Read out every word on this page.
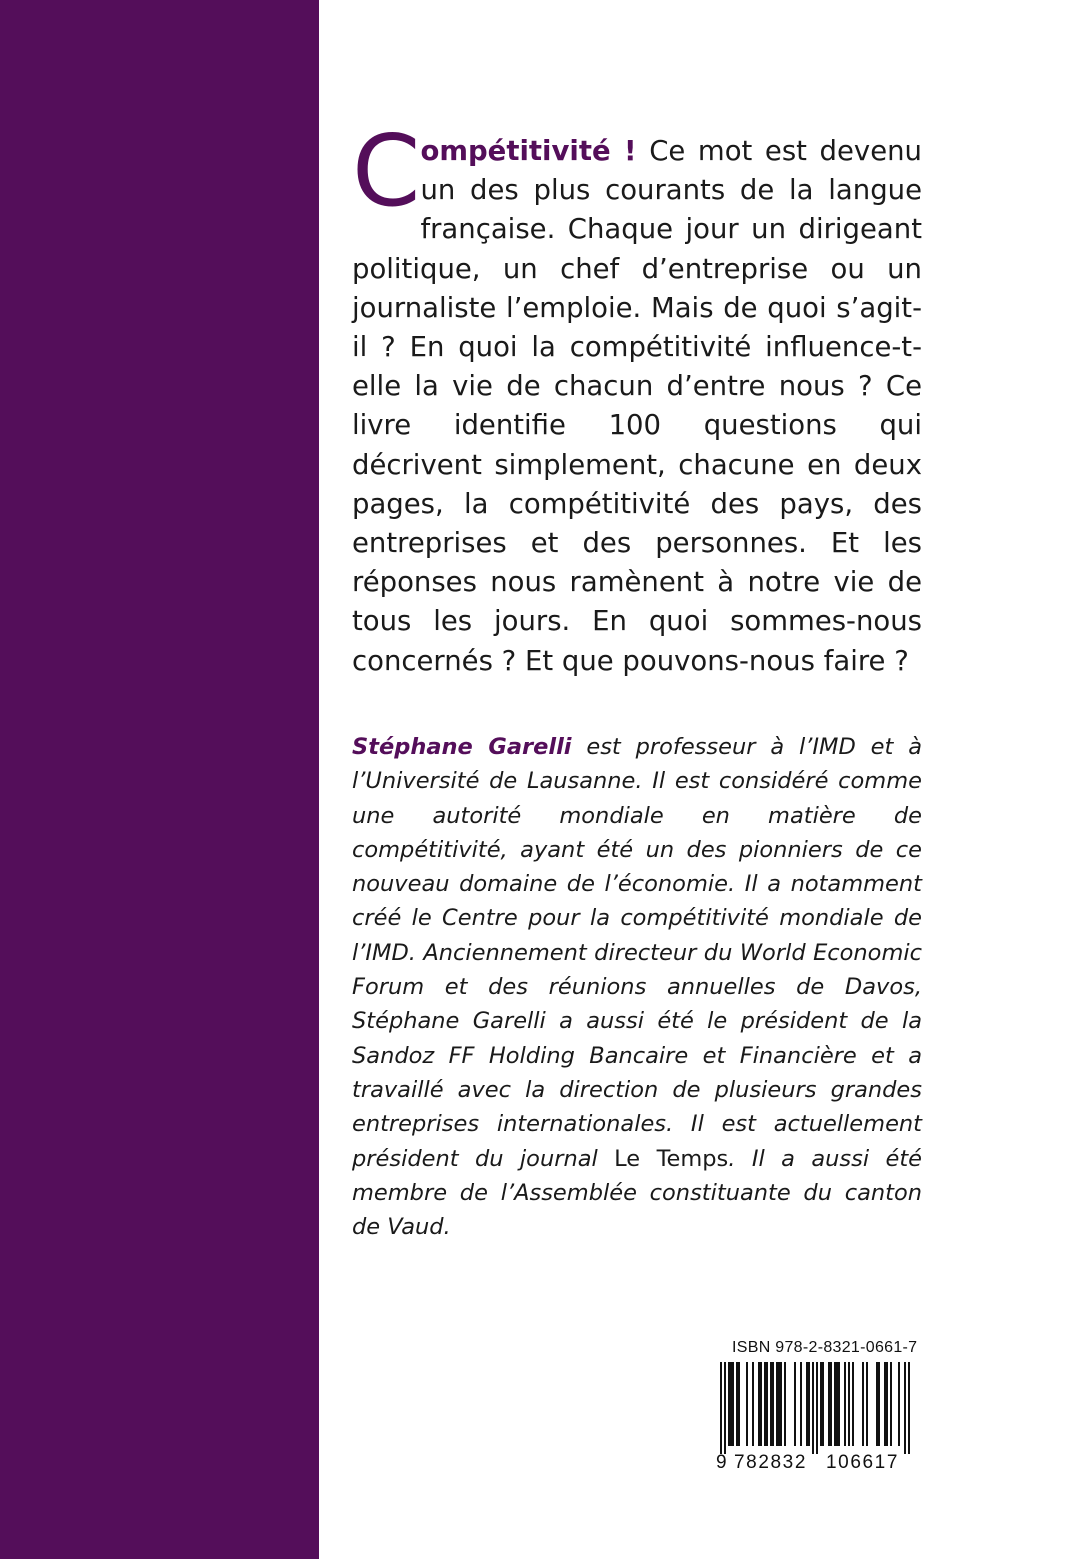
Compétitivité ! Ce mot est devenu un des plus courants de la langue française. Chaque jour un dirigeant politique, un chef d’entreprise ou un journaliste l’emploie. Mais de quoi s’agit-il ? En quoi la compétitivité influence-t-elle la vie de chacun d’entre nous ? Ce livre identifie 100 questions qui décrivent simplement, chacune en deux pages, la compétitivité des pays, des entreprises et des personnes. Et les réponses nous ramènent à notre vie de tous les jours. En quoi sommes-nous concernés ? Et que pouvons-nous faire ?
Stéphane Garelli est professeur à l’IMD et à l’Université de Lausanne. Il est considéré comme une autorité mondiale en matière de compétitivité, ayant été un des pionniers de ce nouveau domaine de l’économie. Il a notamment créé le Centre pour la compétitivité mondiale de l’IMD. Anciennement directeur du World Economic Forum et des réunions annuelles de Davos, Stéphane Garelli a aussi été le président de la Sandoz FF Holding Bancaire et Financière et a travaillé avec la direction de plusieurs grandes entreprises internationales. Il est actuellement président du journal Le Temps. Il a aussi été membre de l’Assemblée constituante du canton de Vaud.
ISBN 978-2-8321-0661-7
9 782832 106617
